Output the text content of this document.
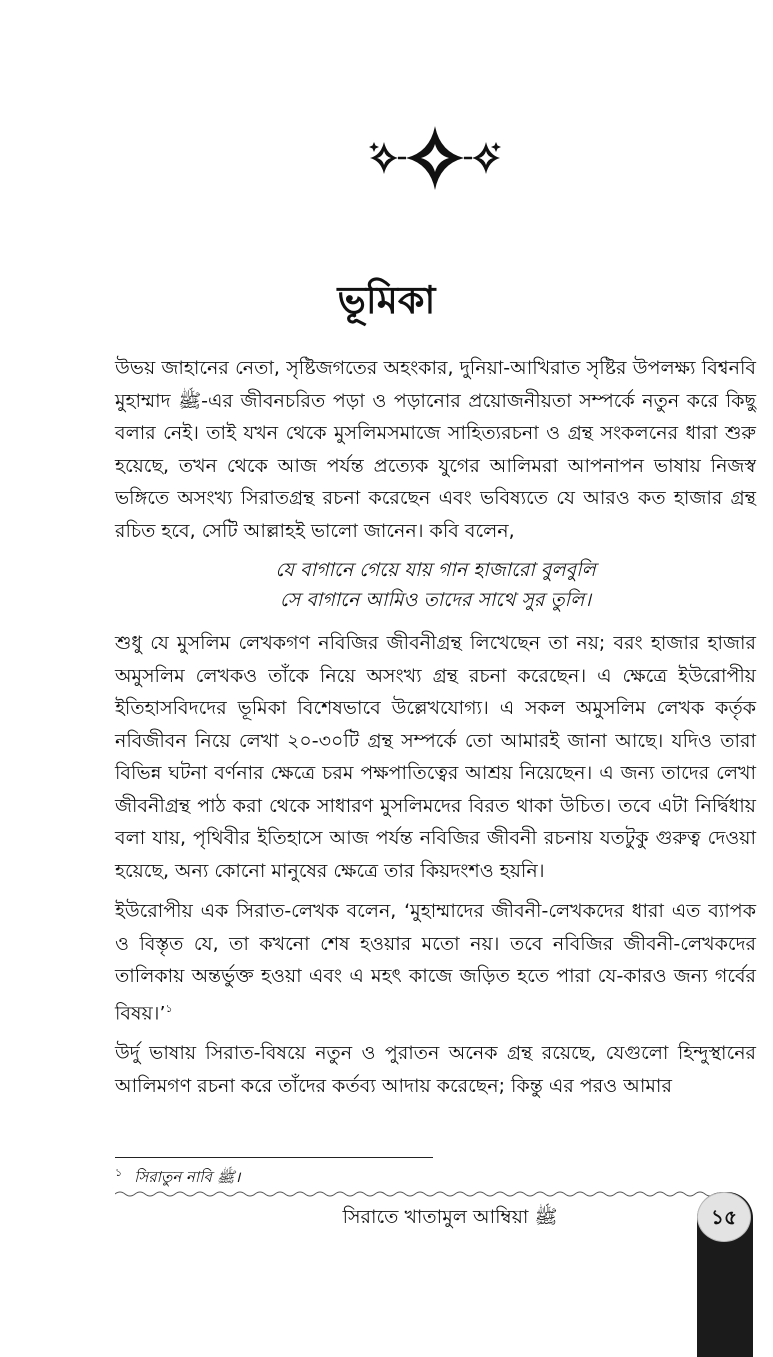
ভূমিকা

উভয় জাহানের নেতা, সৃষ্টিজগতের অহংকার, দুনিয়া-আখিরাত সৃষ্টির উপলক্ষ্য বিশ্বনবি মুহাম্মাদ ﷺ-এর জীবনচরিত পড়া ও পড়ানোর প্রয়োজনীয়তা সম্পর্কে নতুন করে কিছু বলার নেই। তাই যখন থেকে মুসলিমসমাজে সাহিত্যরচনা ও গ্রন্থ সংকলনের ধারা শুরু হয়েছে, তখন থেকে আজ পর্যন্ত প্রত্যেক যুগের আলিমরা আপনাপন ভাষায় নিজস্ব ভঙ্গিতে অসংখ্য সিরাতগ্রন্থ রচনা করেছেন এবং ভবিষ্যতে যে আরও কত হাজার গ্রন্থ রচিত হবে, সেটি আল্লাহই ভালো জানেন। কবি বলেন,

যে বাগানে গেয়ে যায় গান হাজারো বুলবুলি
সে বাগানে আমিও তাদের সাথে সুর তুলি।

শুধু যে মুসলিম লেখকগণ নবিজির জীবনীগ্রন্থ লিখেছেন তা নয়; বরং হাজার হাজার অমুসলিম লেখকও তাঁকে নিয়ে অসংখ্য গ্রন্থ রচনা করেছেন। এ ক্ষেত্রে ইউরোপীয় ইতিহাসবিদদের ভূমিকা বিশেষভাবে উল্লেখযোগ্য। এ সকল অমুসলিম লেখক কর্তৃক নবিজীবন নিয়ে লেখা ২০-৩০টি গ্রন্থ সম্পর্কে তো আমারই জানা আছে। যদিও তারা বিভিন্ন ঘটনা বর্ণনার ক্ষেত্রে চরম পক্ষপাতিত্বের আশ্রয় নিয়েছেন। এ জন্য তাদের লেখা জীবনীগ্রন্থ পাঠ করা থেকে সাধারণ মুসলিমদের বিরত থাকা উচিত। তবে এটা নির্দ্বিধায় বলা যায়, পৃথিবীর ইতিহাসে আজ পর্যন্ত নবিজির জীবনী রচনায় যতটুকু গুরুত্ব দেওয়া হয়েছে, অন্য কোনো মানুষের ক্ষেত্রে তার কিয়দংশও হয়নি।

ইউরোপীয় এক সিরাত-লেখক বলেন, ‘মুহাম্মাদের জীবনী-লেখকদের ধারা এত ব্যাপক ও বিস্তৃত যে, তা কখনো শেষ হওয়ার মতো নয়। তবে নবিজির জীবনী-লেখকদের তালিকায় অন্তর্ভুক্ত হওয়া এবং এ মহৎ কাজে জড়িত হতে পারা যে-কারও জন্য গর্বের বিষয়।’$^১$

উর্দু ভাষায় সিরাত-বিষয়ে নতুন ও পুরাতন অনেক গ্রন্থ রয়েছে, যেগুলো হিন্দুস্থানের আলিমগণ রচনা করে তাঁদের কর্তব্য আদায় করেছেন; কিন্তু এর পরও আমার

$^১$ সিরাতুন নাবি ﷺ।
সিরাতে খাতামুল আম্বিয়া ﷺ	১৫
